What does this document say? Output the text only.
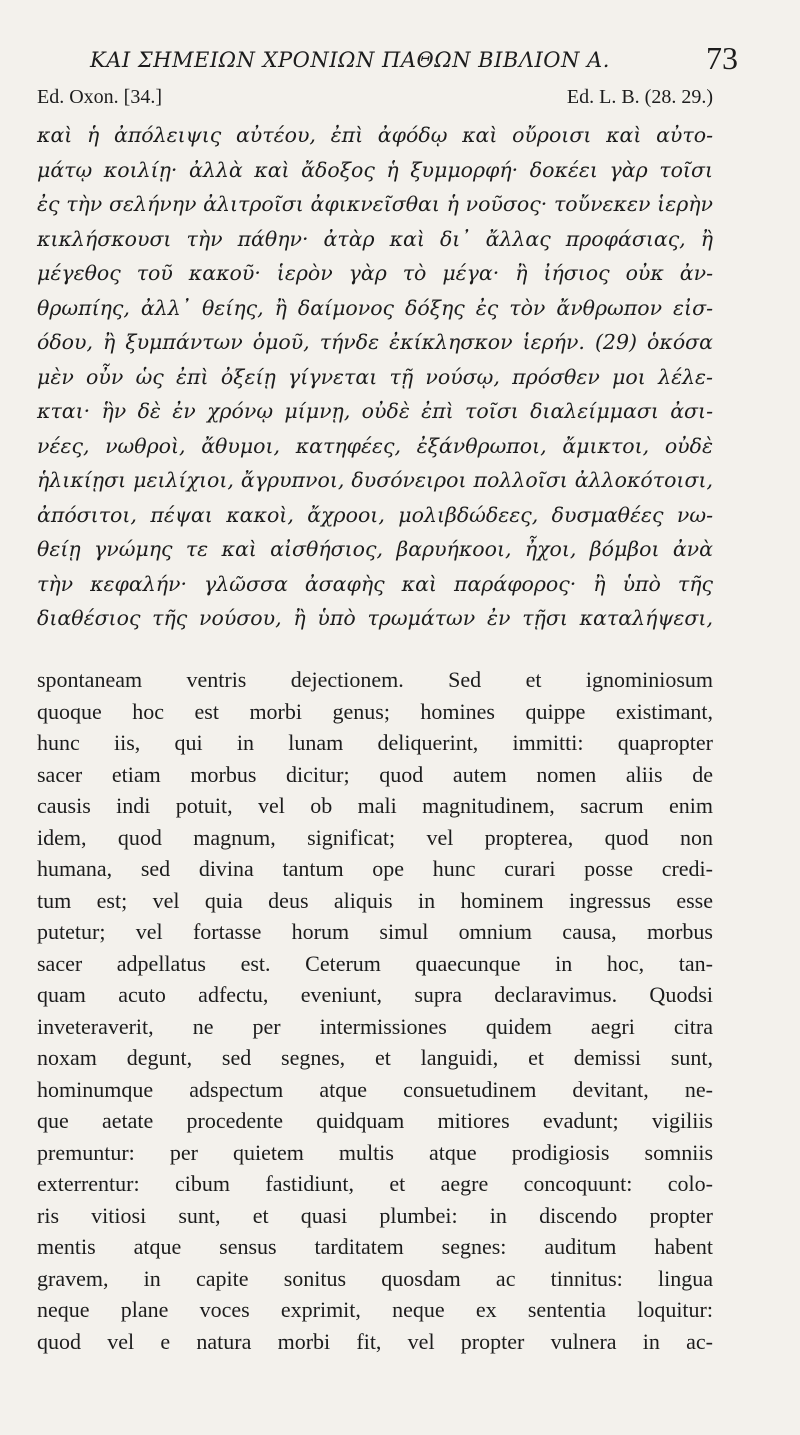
ΚΑΙ ΣΗΜΕΙΩΝ ΧΡΟΝΙΩΝ ΠΑΘΩΝ ΒΙΒΛΙΟΝ Α.	73
Ed. Oxon. [34.]	Ed. L. B. (28. 29.)
καὶ ἡ ἀπόλειψις αὐτέου, ἐπὶ ἀφόδῳ καὶ οὔροισι καὶ αὐτο-
μάτῳ κοιλίῃ· ἀλλὰ καὶ ἄδοξος ἡ ξυμμορφή· δοκέει γὰρ τοῖσι
ἐς τὴν σελήνην ἀλιτροῖσι ἀφικνεῖσθαι ἡ νοῦσος· τοὔνεκεν ἱερὴν
κικλήσκουσι τὴν πάθην· ἀτὰρ καὶ δι᾽ ἄλλας προφάσιας, ἢ
μέγεθος τοῦ κακοῦ· ἱερὸν γὰρ τὸ μέγα· ἢ ἰήσιος οὐκ ἀν-
θρωπίης, ἀλλ᾽ θείης, ἢ δαίμονος δόξης ἐς τὸν ἄνθρωπον εἰσ-
όδου, ἢ ξυμπάντων ὁμοῦ, τήνδε ἐκίκλησκον ἱερήν. (29) ὁκόσα
μὲν οὖν ὡς ἐπὶ ὀξείῃ γίγνεται τῇ νούσῳ, πρόσθεν μοι λέλε-
κται· ἣν δὲ ἐν χρόνῳ μίμνῃ, οὐδὲ ἐπὶ τοῖσι διαλείμμασι ἀσι-
νέες, νωθροὶ, ἄθυμοι, κατηφέες, ἐξάνθρωποι, ἄμικτοι, οὐδὲ
ἡλικίῃσι μειλίχιοι, ἄγρυπνοι, δυσόνειροι πολλοῖσι ἀλλοκότοισι,
ἀπόσιτοι, πέψαι κακοὶ, ἄχροοι, μολιβδώδεες, δυσμαθέες νω-
θείῃ γνώμης τε καὶ αἰσθήσιος, βαρυήκοοι, ἦχοι, βόμβοι ἀνὰ
τὴν κεφαλήν· γλῶσσα ἀσαφὴς καὶ παράφορος· ἢ ὑπὸ τῆς
διαθέσιος τῆς νούσου, ἢ ὑπὸ τρωμάτων ἐν τῇσι καταλήψεσι,
spontaneam ventris dejectionem. Sed et ignominiosum
quoque hoc est morbi genus; homines quippe existimant,
hunc iis, qui in lunam deliquerint, immitti: quapropter
sacer etiam morbus dicitur; quod autem nomen aliis de
causis indi potuit, vel ob mali magnitudinem, sacrum enim
idem, quod magnum, significat; vel propterea, quod non
humana, sed divina tantum ope hunc curari posse credi-
tum est; vel quia deus aliquis in hominem ingressus esse
putetur; vel fortasse horum simul omnium causa, morbus
sacer adpellatus est. Ceterum quaecunque in hoc, tan-
quam acuto adfectu, eveniunt, supra declaravimus. Quodsi
inveteraverit, ne per intermissiones quidem aegri citra
noxam degunt, sed segnes, et languidi, et demissi sunt,
hominumque adspectum atque consuetudinem devitant, ne-
que aetate procedente quidquam mitiores evadunt; vigiliis
premuntur: per quietem multis atque prodigiosis somniis
exterrentur: cibum fastidiunt, et aegre concoquunt: colo-
ris vitiosi sunt, et quasi plumbei: in discendo propter
mentis atque sensus tarditatem segnes: auditum habent
gravem, in capite sonitus quosdam ac tinnitus: lingua
neque plane voces exprimit, neque ex sententia loquitur:
quod vel e natura morbi fit, vel propter vulnera in ac-
